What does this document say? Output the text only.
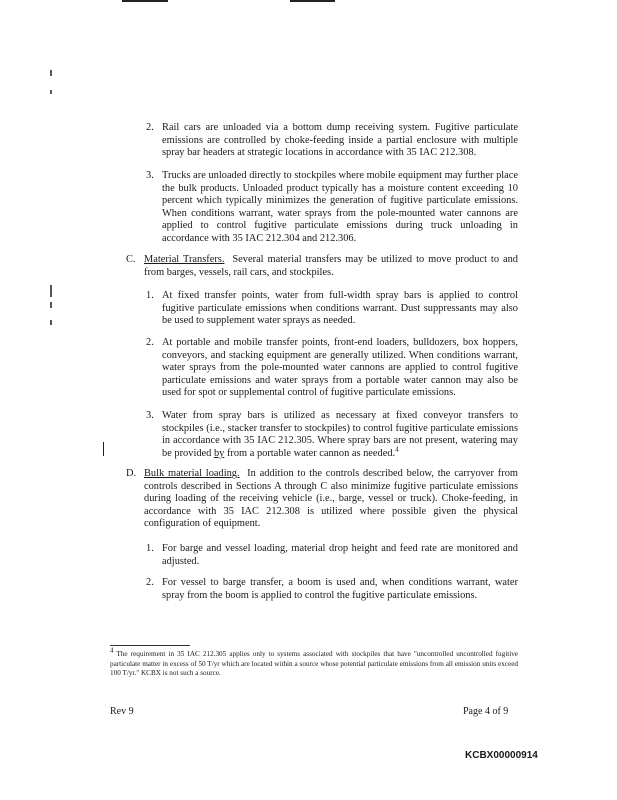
2. Rail cars are unloaded via a bottom dump receiving system. Fugitive particulate emissions are controlled by choke-feeding inside a partial enclosure with multiple spray bar headers at strategic locations in accordance with 35 IAC 212.308.

3. Trucks are unloaded directly to stockpiles where mobile equipment may further place the bulk products. Unloaded product typically has a moisture content exceeding 10 percent which typically minimizes the generation of fugitive particulate emissions. When conditions warrant, water sprays from the pole-mounted water cannons are applied to control fugitive particulate emissions during truck unloading in accordance with 35 IAC 212.304 and 212.306.

C. Material Transfers. Several material transfers may be utilized to move product to and from barges, vessels, rail cars, and stockpiles.

1. At fixed transfer points, water from full-width spray bars is applied to control fugitive particulate emissions when conditions warrant. Dust suppressants may also be used to supplement water sprays as needed.

2. At portable and mobile transfer points, front-end loaders, bulldozers, box hoppers, conveyors, and stacking equipment are generally utilized. When conditions warrant, water sprays from the pole-mounted water cannons are applied to control fugitive particulate emissions and water sprays from a portable water cannon may also be used for spot or supplemental control of fugitive particulate emissions.

3. Water from spray bars is utilized as necessary at fixed conveyor transfers to stockpiles (i.e., stacker transfer to stockpiles) to control fugitive particulate emissions in accordance with 35 IAC 212.305. Where spray bars are not present, watering may be provided by from a portable water cannon as needed.$^4$

D. Bulk material loading. In addition to the controls described below, the carryover from controls described in Sections A through C also minimize fugitive particulate emissions during loading of the receiving vehicle (i.e., barge, vessel or truck). Choke-feeding, in accordance with 35 IAC 212.308 is utilized where possible given the physical configuration of equipment.

1. For barge and vessel loading, material drop height and feed rate are monitored and adjusted.

2. For vessel to barge transfer, a boom is used and, when conditions warrant, water spray from the boom is applied to control the fugitive particulate emissions.

4 The requirement in 35 IAC 212.305 applies only to systems associated with stockpiles that have "uncontrolled uncontrolled fugitive particulate matter in excess of 50 T/yr which are located within a source whose potential particulate emissions from all emission units exceed 100 T/yr." KCBX is not such a source.
Rev 9	Page 4 of 9
KCBX00000914
